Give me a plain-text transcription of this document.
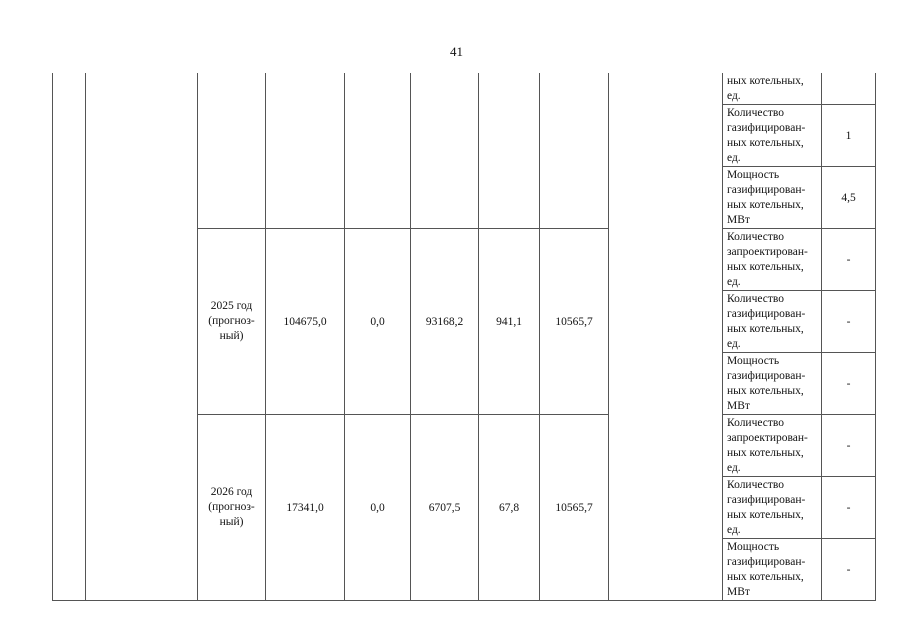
41

									ных котельных,
ед.	

									Количество
газифицирован-
ных котельных,
ед.	1

									Мощность
газифицирован-
ных котельных,
МВт	4,5

		2025 год
(прогноз-
ный)	104675,0	0,0	93168,2	941,1	10565,7		Количество
запроектирован-
ных котельных,
ед.	-

									Количество
газифицирован-
ных котельных,
ед.	-

									Мощность
газифицирован-
ных котельных,
МВт	-

		2026 год
(прогноз-
ный)	17341,0	0,0	6707,5	67,8	10565,7		Количество
запроектирован-
ных котельных,
ед.	-

									Количество
газифицирован-
ных котельных,
ед.	-

									Мощность
газифицирован-
ных котельных,
МВт	-
